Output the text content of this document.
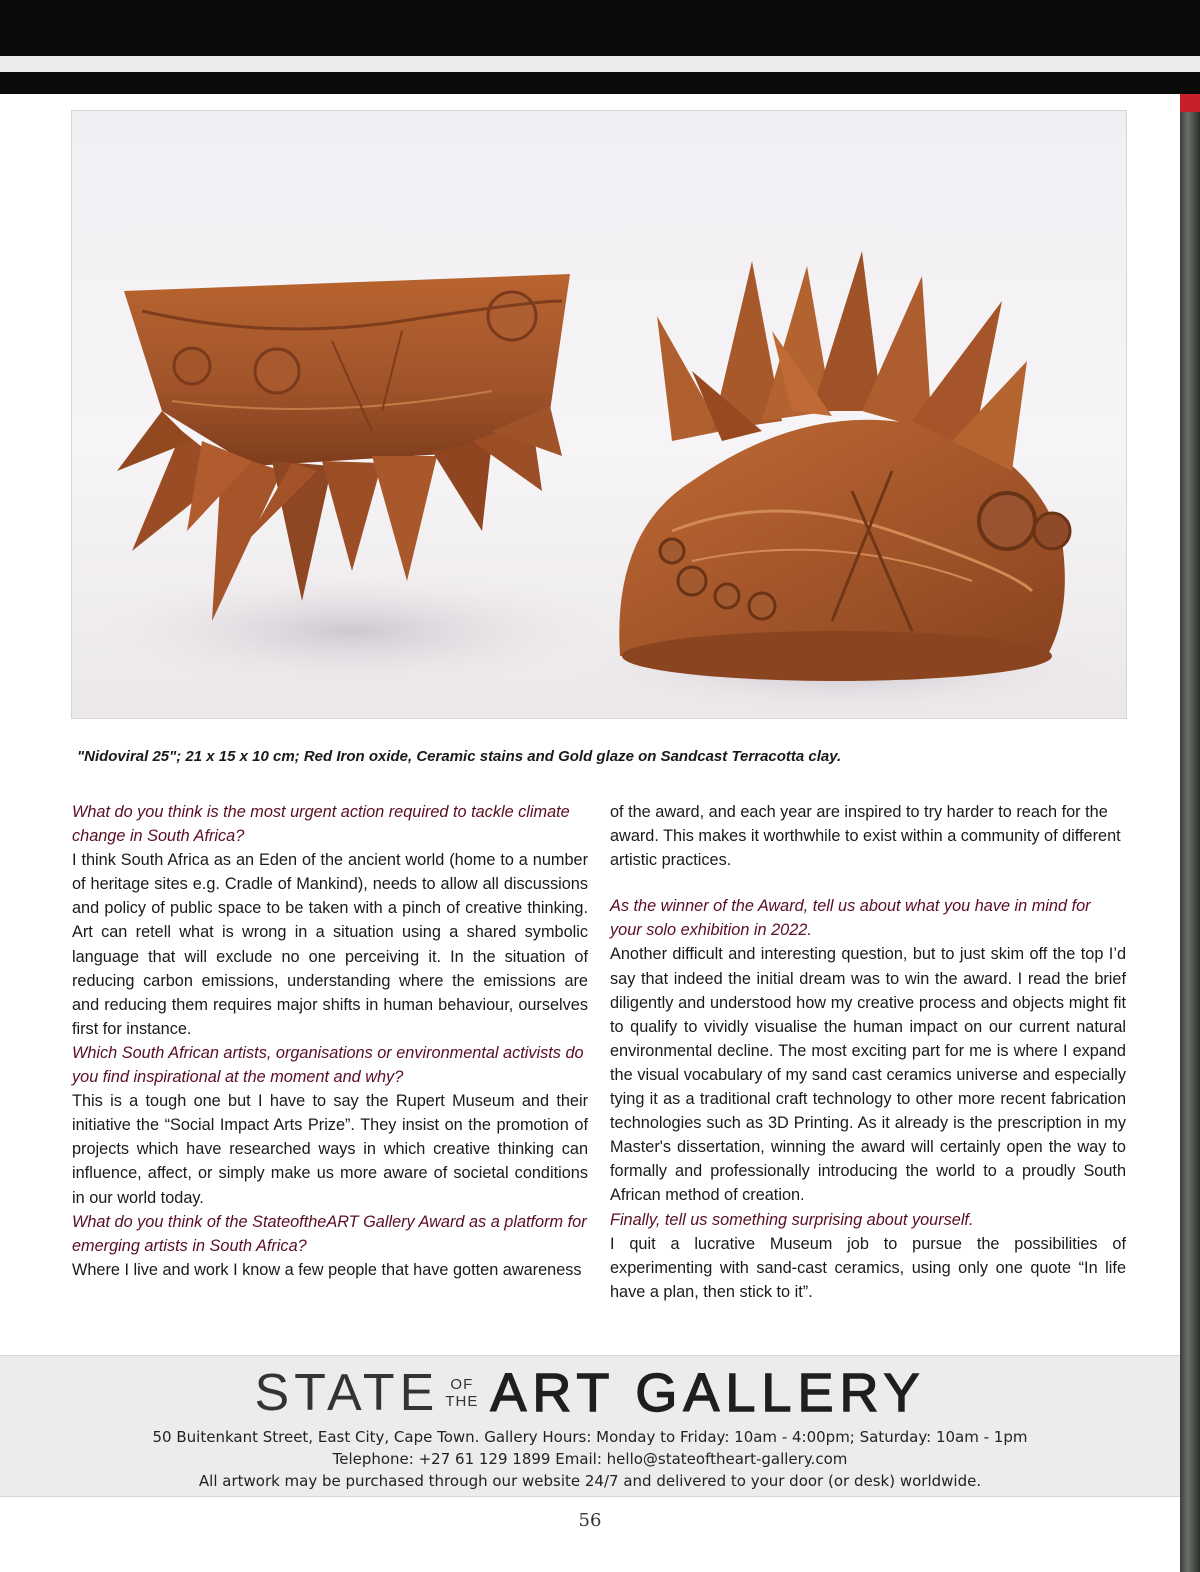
"Nidoviral 25"; 21 x 15 x 10 cm; Red Iron oxide, Ceramic stains and Gold glaze on Sandcast Terracotta clay.
What do you think is the most urgent action required to tackle climate change in South Africa?
I think South Africa as an Eden of the ancient world (home to a number of heritage sites e.g. Cradle of Mankind), needs to allow all discussions and policy of public space to be taken with a pinch of creative thinking. Art can retell what is wrong in a situation using a shared symbolic language that will exclude no one perceiving it. In the situation of reducing carbon emissions, understanding where the emissions are and reducing them requires major shifts in human behaviour, ourselves first for instance.
Which South African artists, organisations or environmental activists do you find inspirational at the moment and why?
This is a tough one but I have to say the Rupert Museum and their initiative the “Social Impact Arts Prize”. They insist on the promotion of projects which have researched ways in which creative thinking can influence, affect, or simply make us more aware of societal conditions in our world today.
What do you think of the StateoftheART Gallery Award as a platform for emerging artists in South Africa?
Where I live and work I know a few people that have gotten awareness
of the award, and each year are inspired to try harder to reach for the award. This makes it worthwhile to exist within a community of different artistic practices.
As the winner of the Award, tell us about what you have in mind for your solo exhibition in 2022.
Another difficult and interesting question, but to just skim off the top I’d say that indeed the initial dream was to win the award. I read the brief diligently and understood how my creative process and objects might fit to qualify to vividly visualise the human impact on our current natural environmental decline. The most exciting part for me is where I expand the visual vocabulary of my sand cast ceramics universe and especially tying it as a traditional craft technology to other more recent fabrication technologies such as 3D Printing. As it already is the prescription in my Master's dissertation, winning the award will certainly open the way to formally and professionally introducing the world to a proudly South African method of creation.
Finally, tell us something surprising about yourself.
I quit a lucrative Museum job to pursue the possibilities of experimenting with sand-cast ceramics, using only one quote “In life have a plan, then stick to it”.
STATE OF
THE ART GALLERY
50 Buitenkant Street, East City, Cape Town. Gallery Hours: Monday to Friday: 10am - 4:00pm; Saturday: 10am - 1pm
Telephone: +27 61 129 1899 Email: hello@stateoftheart-gallery.com
All artwork may be purchased through our website 24/7 and delivered to your door (or desk) worldwide.
56
